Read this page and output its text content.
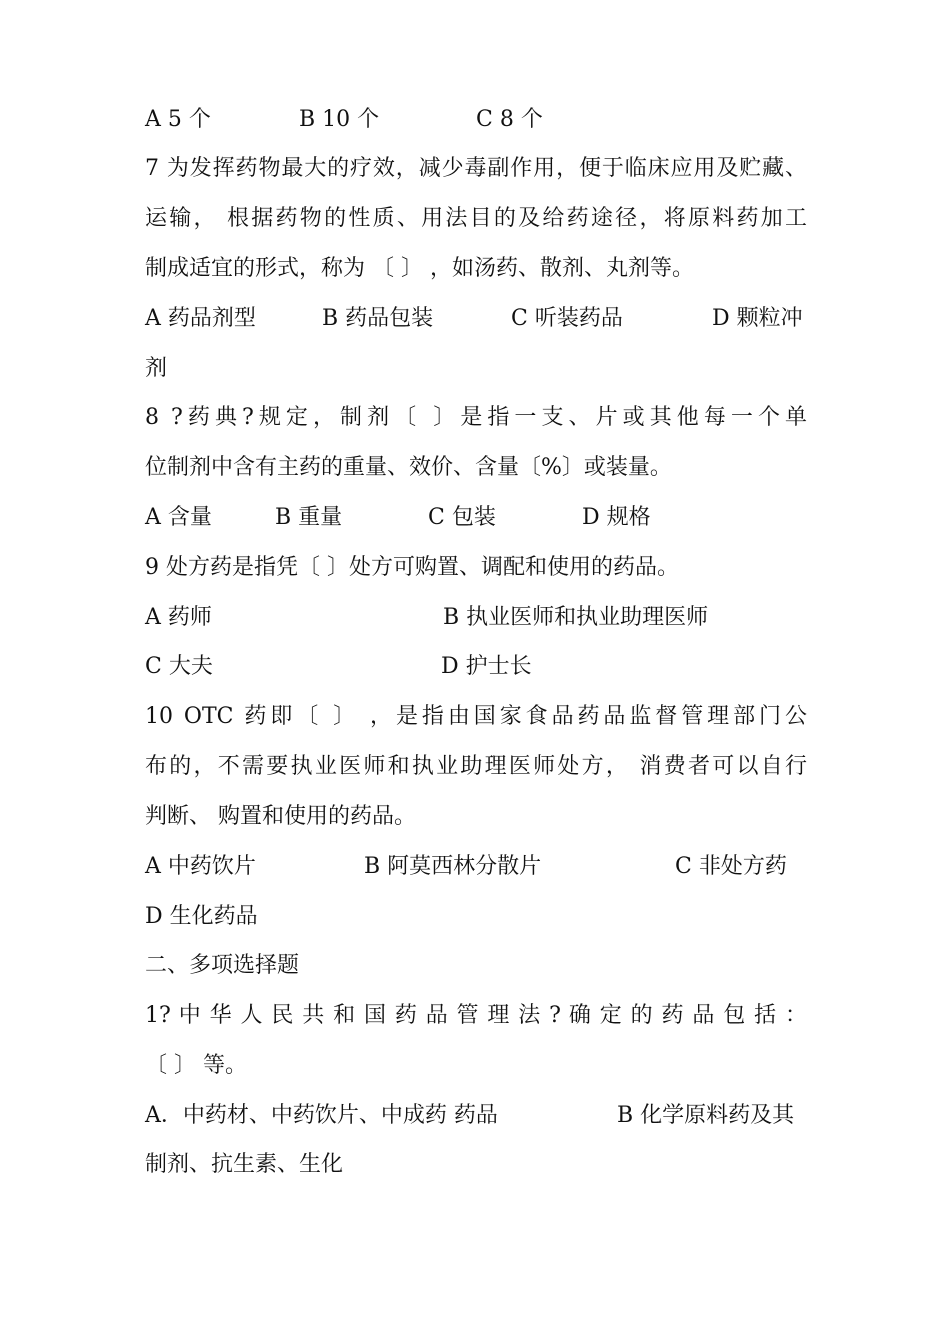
A 5 个

	B 10 个

	C 8 个

7 为发挥药物最大的疗效，减少毒副作用，便于临床应用及贮藏、
运输， 根据药物的性质、用法目的及给药途径，将原料药加工
制成适宜的形式，称为 〔 〕 ，如汤药、散剂、丸剂等。

A 药品剂型

	B 药品包装

	C 听装药品

	D 颗粒冲

剂
8 ?药典?规定，制剂〔 〕是指一支、片或其他每一个单
位制剂中含有主药的重量、效价、含量〔%〕或装量。

A 含量

	B 重量

	C 包装

	D 规格

9 处方药是指凭〔 〕处方可购置、调配和使用的药品。

A 药师

	B 执业医师和执业助理医师

C 大夫

	D 护士长

10 OTC 药即〔 〕 ，是指由国家食品药品监督管理部门公
布的，不需要执业医师和执业助理医师处方， 消费者可以自行
判断、 购置和使用的药品。

A 中药饮片

	B 阿莫西林分散片

	C 非处方药

D 生化药品
二、多项选择题
1? 中 华 人 民 共 和 国 药 品 管 理 法 ? 确 定 的 药 品 包 括 ：
〔 〕 等。

A．中药材、中药饮片、中成药 药品

	B 化学原料药及其

制剂、抗生素、生化
